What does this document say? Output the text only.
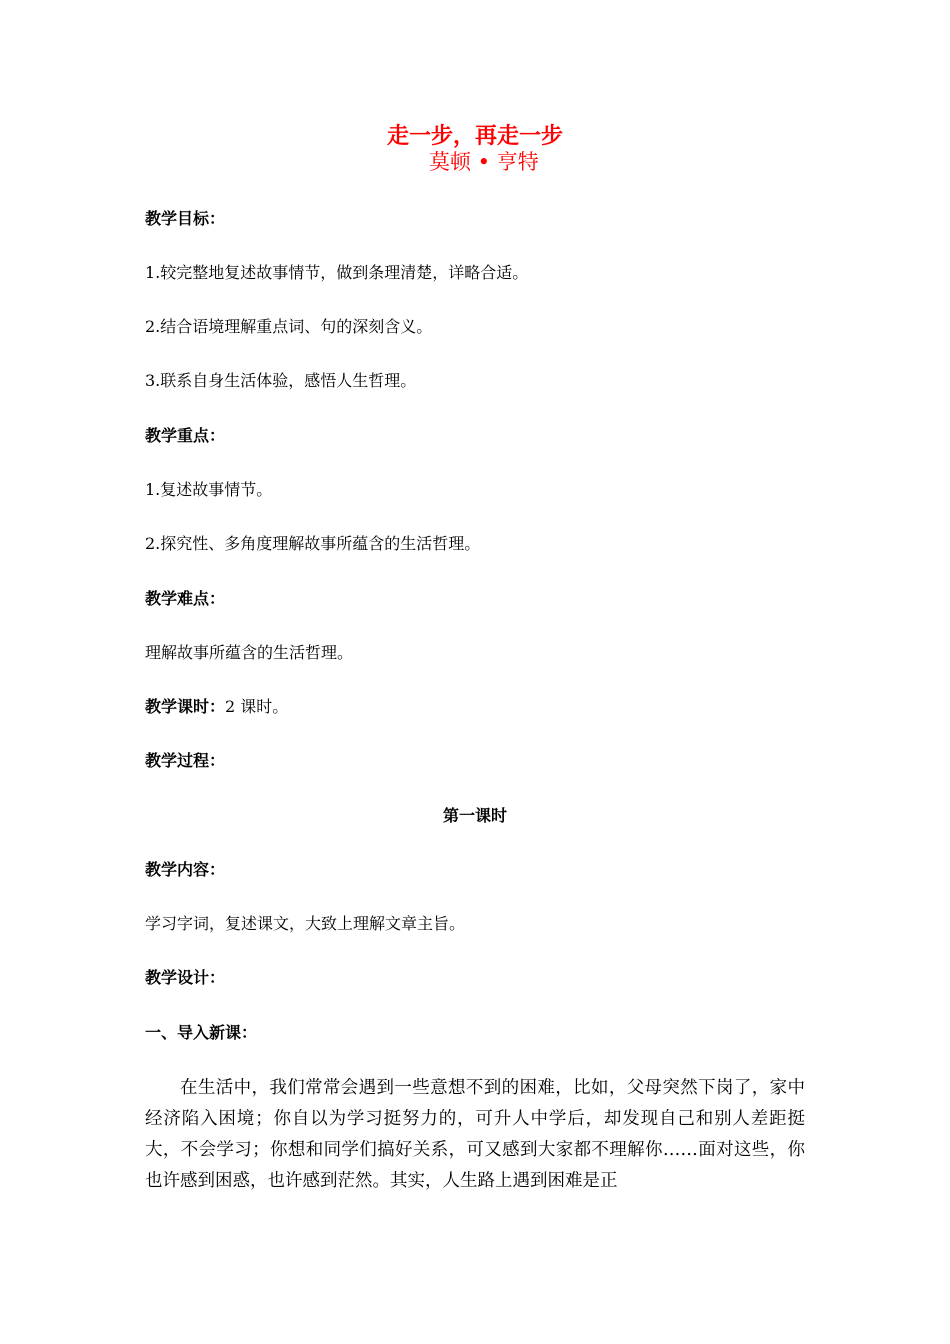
走一步，再走一步
莫顿 • 亨特
教学目标：
1.较完整地复述故事情节，做到条理清楚，详略合适。
2.结合语境理解重点词、句的深刻含义。
3.联系自身生活体验，感悟人生哲理。
教学重点：
1.复述故事情节。
2.探究性、多角度理解故事所蕴含的生活哲理。
教学难点：
理解故事所蕴含的生活哲理。
教学课时：2 课时。
教学过程：
第一课时
教学内容：
学习字词，复述课文，大致上理解文章主旨。
教学设计：
一、导入新课：

在生活中，我们常常会遇到一些意想不到的困难，比如，父母突然下岗了，家中经济陷入困境；你自以为学习挺努力的，可升人中学后，却发现自己和别人差距挺大，不会学习；你想和同学们搞好关系，可又感到大家都不理解你……面对这些，你也许感到困惑，也许感到茫然。其实，人生路上遇到困难是正
